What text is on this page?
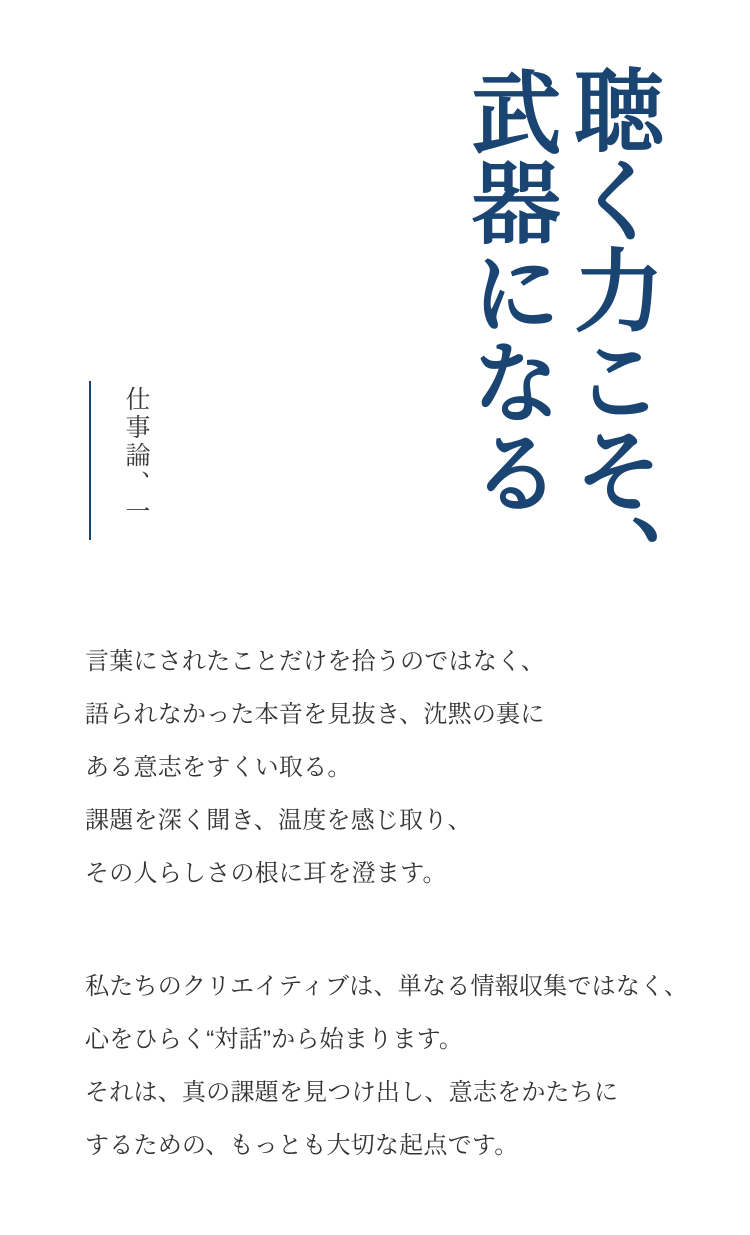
聴く力こそ、
武器になる
仕事論、一

言葉にされたことだけを拾うのではなく、
語られなかった本音を見抜き、沈黙の裏に
ある意志をすくい取る。
課題を深く聞き、温度を感じ取り、
その人らしさの根に耳を澄ます。

私たちのクリエイティブは、単なる情報収集ではなく、
心をひらく“対話”から始まります。
それは、真の課題を見つけ出し、意志をかたちに
するための、もっとも大切な起点です。
